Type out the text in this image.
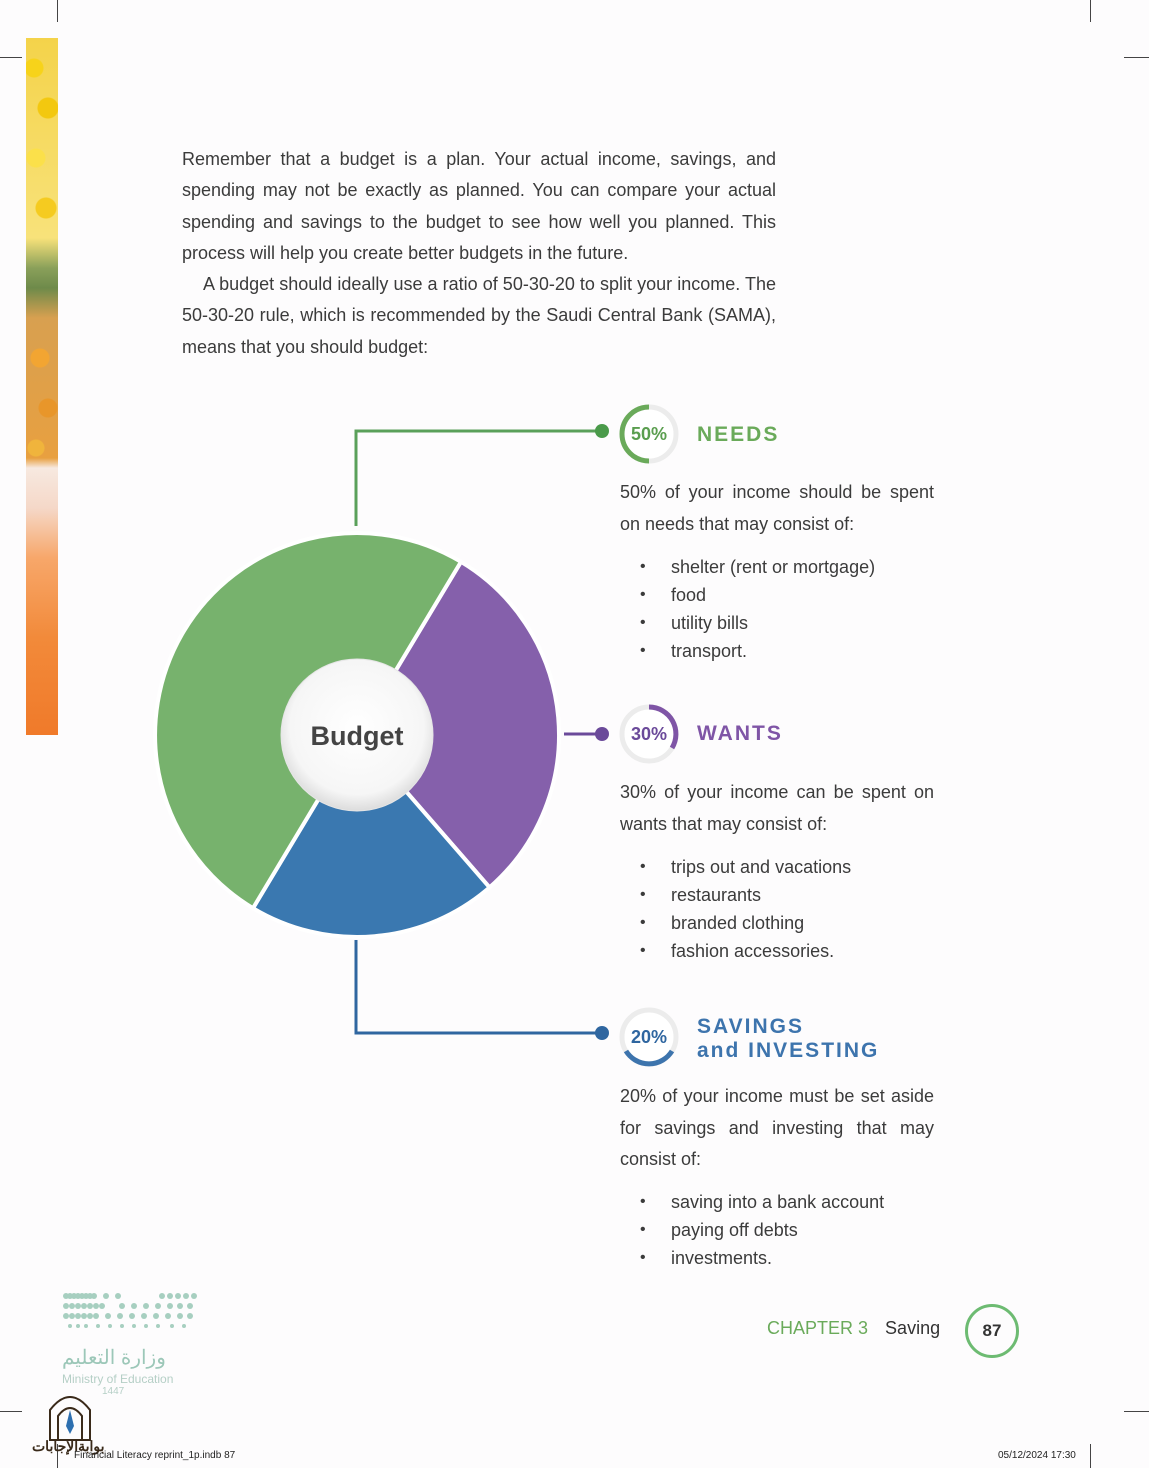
Remember that a budget is a plan. Your actual income, savings, and spending may not be exactly as planned. You can compare your actual spending and savings to the budget to see how well you planned. This process will help you create better budgets in the future.

A budget should ideally use a ratio of 50-30-20 to split your income. The 50-30-20 rule, which is recommended by the Saudi Central Bank (SAMA), means that you should budget:

Budget
50%	NEEDS

50% of your income should be spent on needs that may consist of:

• shelter (rent or mortgage)
• food
• utility bills
• transport.
30%	WANTS

30% of your income can be spent on wants that may consist of:

• trips out and vacations
• restaurants
• branded clothing
• fashion accessories.
20%	SAVINGS
and INVESTING

20% of your income must be set aside for savings and investing that may consist of:

• saving into a bank account
• paying off debts
• investments.
CHAPTER 3 Saving	87
وزارة التعليم
Ministry of Education
1447
بوابةالإجابات
Financial Literacy reprint_1p.indb 87	05/12/2024 17:30
